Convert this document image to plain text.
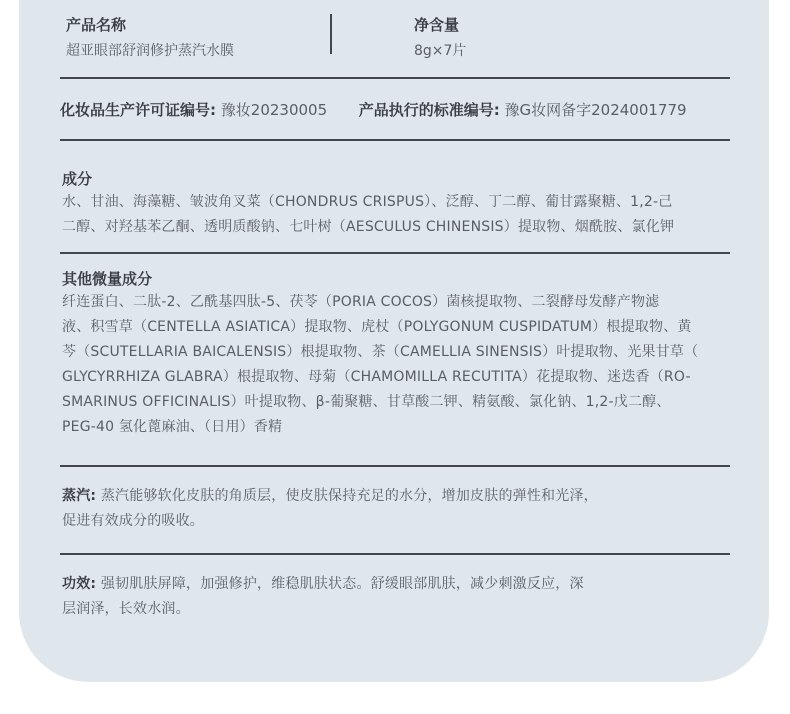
产品名称
超亚眼部舒润修护蒸汽水膜
净含量
8g×7片
化妆品生产许可证编号: 豫妆20230005 产品执行的标准编号: 豫G妆网备字2024001779
成分
水、甘油、海藻糖、皱波角叉菜（CHONDRUS CRISPUS）、泛醇、丁二醇、葡甘露聚糖、1,2-己
二醇、对羟基苯乙酮、透明质酸钠、七叶树（AESCULUS CHINENSIS）提取物、烟酰胺、氯化钾
其他微量成分
纤连蛋白、二肽-2、乙酰基四肽-5、茯苓（PORIA COCOS）菌核提取物、二裂酵母发酵产物滤
液、积雪草（CENTELLA ASIATICA）提取物、虎杖（POLYGONUM CUSPIDATUM）根提取物、黄
芩（SCUTELLARIA BAICALENSIS）根提取物、茶（CAMELLIA SINENSIS）叶提取物、光果甘草（
GLYCYRRHIZA GLABRA）根提取物、母菊（CHAMOMILLA RECUTITA）花提取物、迷迭香（RO-
SMARINUS OFFICINALIS）叶提取物、β-葡聚糖、甘草酸二钾、精氨酸、氯化钠、1,2-戊二醇、
PEG-40 氢化蓖麻油、（日用）香精
蒸汽: 蒸汽能够软化皮肤的角质层，使皮肤保持充足的水分，增加皮肤的弹性和光泽，
促进有效成分的吸收。
功效: 强韧肌肤屏障，加强修护，维稳肌肤状态。舒缓眼部肌肤，减少刺激反应，深
层润泽，长效水润。
